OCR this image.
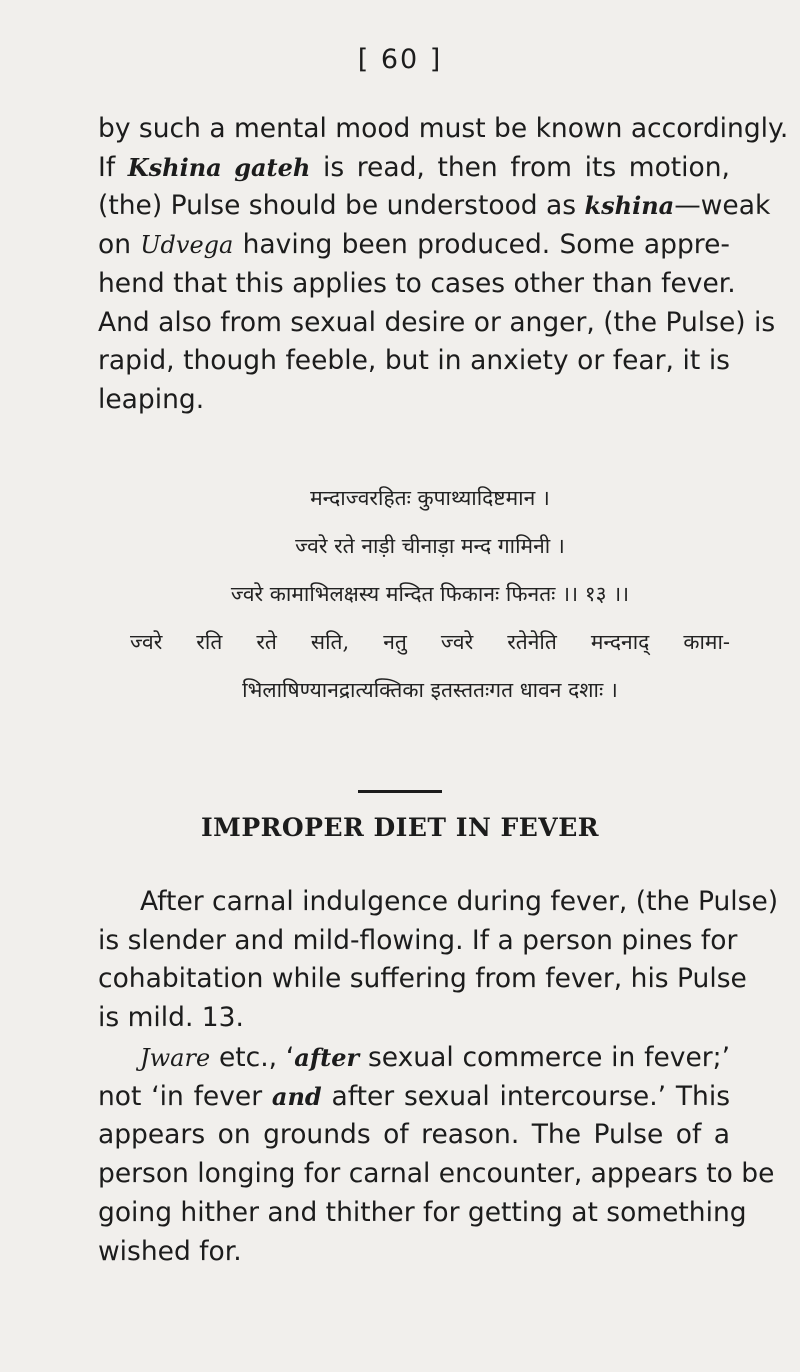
[ 60 ]
by such a mental mood must be known accordingly.
If Kshina gateh is read, then from its motion,
(the) Pulse should be understood as kshina—weak
on Udvega having been produced. Some appre-
hend that this applies to cases other than fever.
And also from sexual desire or anger, (the Pulse) is
rapid, though feeble, but in anxiety or fear, it is
leaping.
मन्दाज्वरहितः कुपाथ्यादिष्टमान ।
ज्वरे रते नाड़ी चीनाड़ा मन्द गामिनी ।
ज्वरे कामाभिलक्षस्य मन्दित फिकानः फिनतः ।। १३ ।।
ज्वरे रति रते सति, नतु ज्वरे रतेनेति मन्दनाद् कामा-
भिलाषिण्यानद्रात्यक्तिका इतस्ततःगत धावन दशाः ।
IMPROPER DIET IN FEVER
After carnal indulgence during fever, (the Pulse)
is slender and mild-flowing. If a person pines for
cohabitation while suffering from fever, his Pulse
is mild. 13.
Jware etc., ‘after sexual commerce in fever;’
not ‘in fever and after sexual intercourse.’ This
appears on grounds of reason. The Pulse of a
person longing for carnal encounter, appears to be
going hither and thither for getting at something
wished for.
